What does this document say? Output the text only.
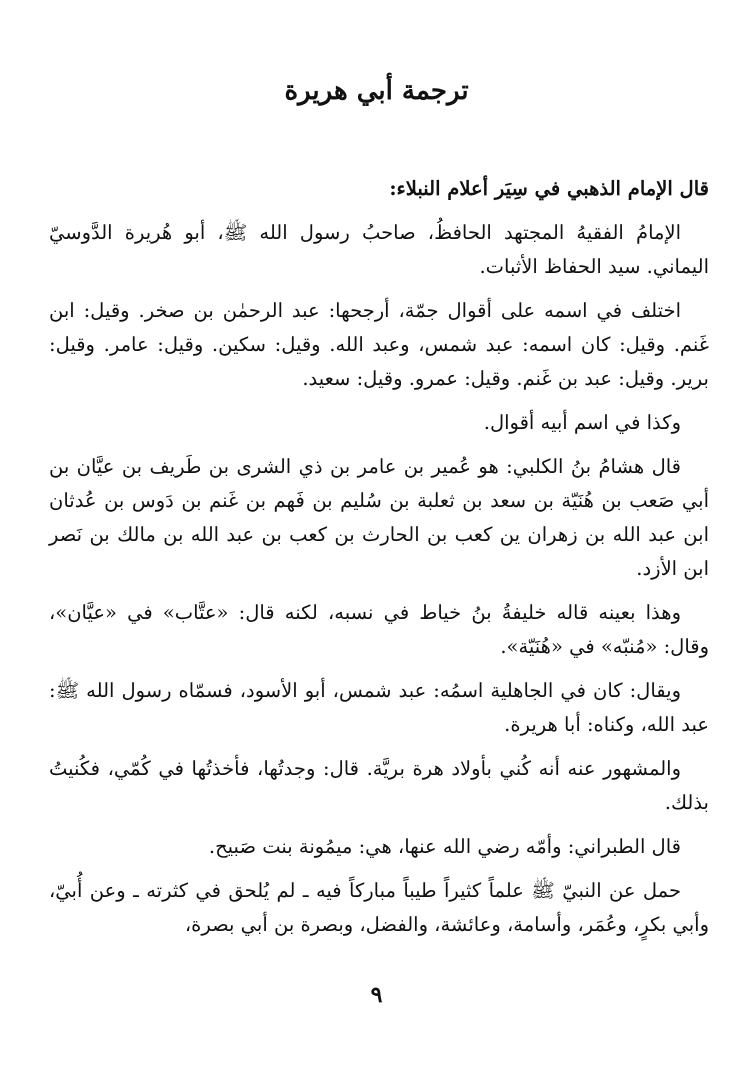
ترجمة أبي هريرة

قال الإمام الذهبي في سِيَر أعلام النبلاء:

الإمامُ الفقيهُ المجتهد الحافظُ، صاحبُ رسول الله ﷺ، أبو هُريرة الدَّوسيّ اليماني. سيد الحفاظ الأثبات.

اختلف في اسمه على أقوال جمّة، أرجحها: عبد الرحمٰن بن صخر. وقيل: ابن غَنم. وقيل: كان اسمه: عبد شمس، وعبد الله. وقيل: سكين. وقيل: عامر. وقيل: برير. وقيل: عبد بن غَنم. وقيل: عمرو. وقيل: سعيد.

وكذا في اسم أبيه أقوال.

قال هشامُ بنُ الكلبي: هو عُمير بن عامر بن ذي الشرى بن طَريف بن عيَّان بن أبي صَعب بن هُنَيّة بن سعد بن ثعلبة بن سُليم بن فَهم بن غَنم بن دَوس بن عُدثان ابن عبد الله بن زهران ين كعب بن الحارث بن كعب بن عبد الله بن مالك بن نَصر ابن الأزد.

وهذا بعينه قاله خليفةُ بنُ خياط في نسبه، لكنه قال: «عتَّاب» في «عيَّان»، وقال: «مُنبّه» في «هُنَيّة».

ويقال: كان في الجاهلية اسمُه: عبد شمس، أبو الأسود، فسمّاه رسول الله ﷺ: عبد الله، وكناه: أبا هريرة.

والمشهور عنه أنه كُني بأولاد هرة بريَّة. قال: وجدتُها، فأخذتُها في كُمّي، فكُنيتُ بذلك.

قال الطبراني: وأمّه رضي الله عنها، هي: ميمُونة بنت صَبيح.

حمل عن النبيّ ﷺ علماً كثيراً طيباً مباركاً فيه ـ لم يُلحق في كثرته ـ وعن أُبيّ، وأبي بكرٍ، وعُمَر، وأسامة، وعائشة، والفضل، وبصرة بن أبي بصرة،

٩
